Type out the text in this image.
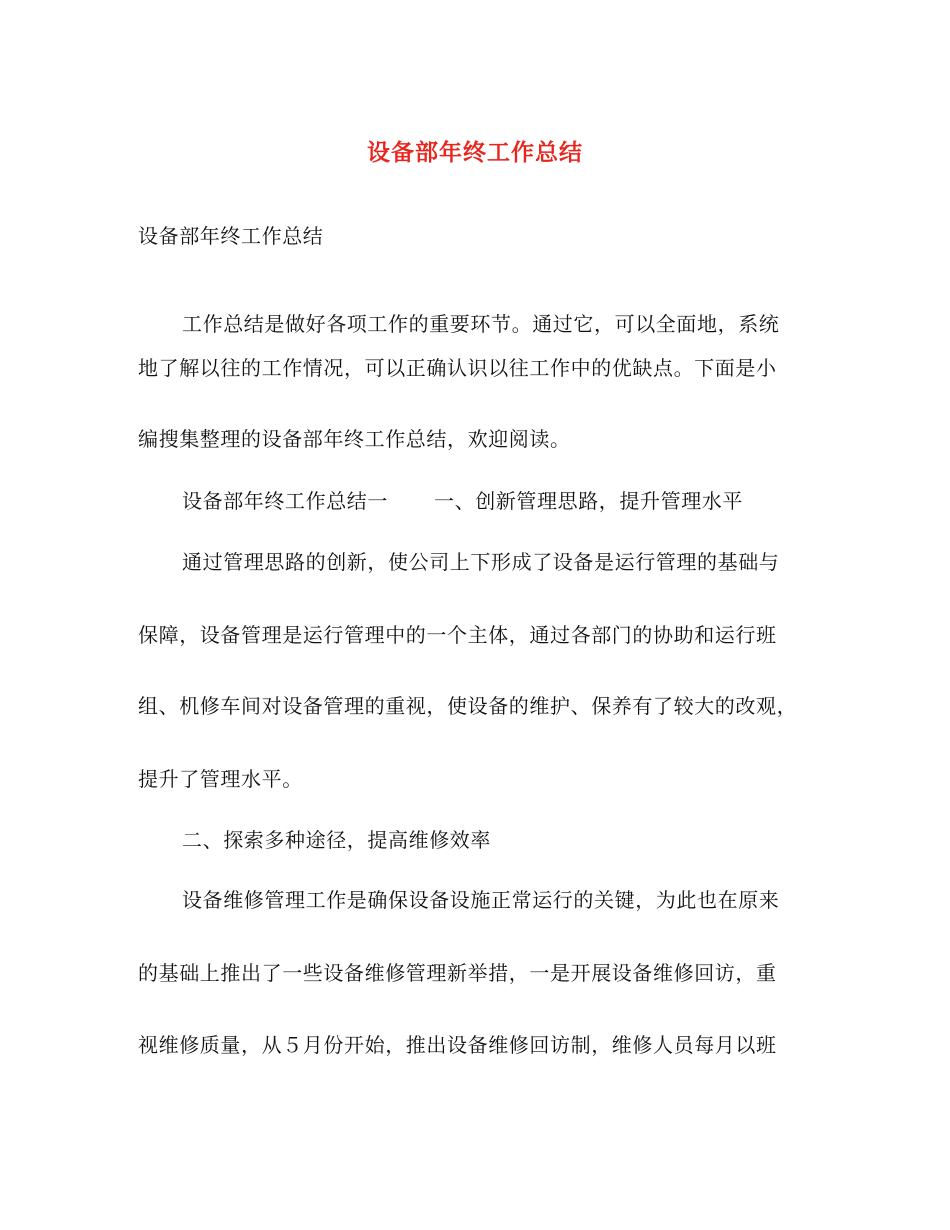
设备部年终工作总结
设备部年终工作总结
工作总结是做好各项工作的重要环节。通过它，可以全面地，系统
地了解以往的工作情况，可以正确认识以往工作中的优缺点。下面是小
编搜集整理的设备部年终工作总结，欢迎阅读。
设备部年终工作总结一 一、创新管理思路，提升管理水平
通过管理思路的创新，使公司上下形成了设备是运行管理的基础与
保障，设备管理是运行管理中的一个主体，通过各部门的协助和运行班
组、机修车间对设备管理的重视，使设备的维护、保养有了较大的改观，
提升了管理水平。
二、探索多种途径，提高维修效率
设备维修管理工作是确保设备设施正常运行的关键，为此也在原来
的基础上推出了一些设备维修管理新举措，一是开展设备维修回访，重
视维修质量，从５月份开始，推出设备维修回访制，维修人员每月以班
